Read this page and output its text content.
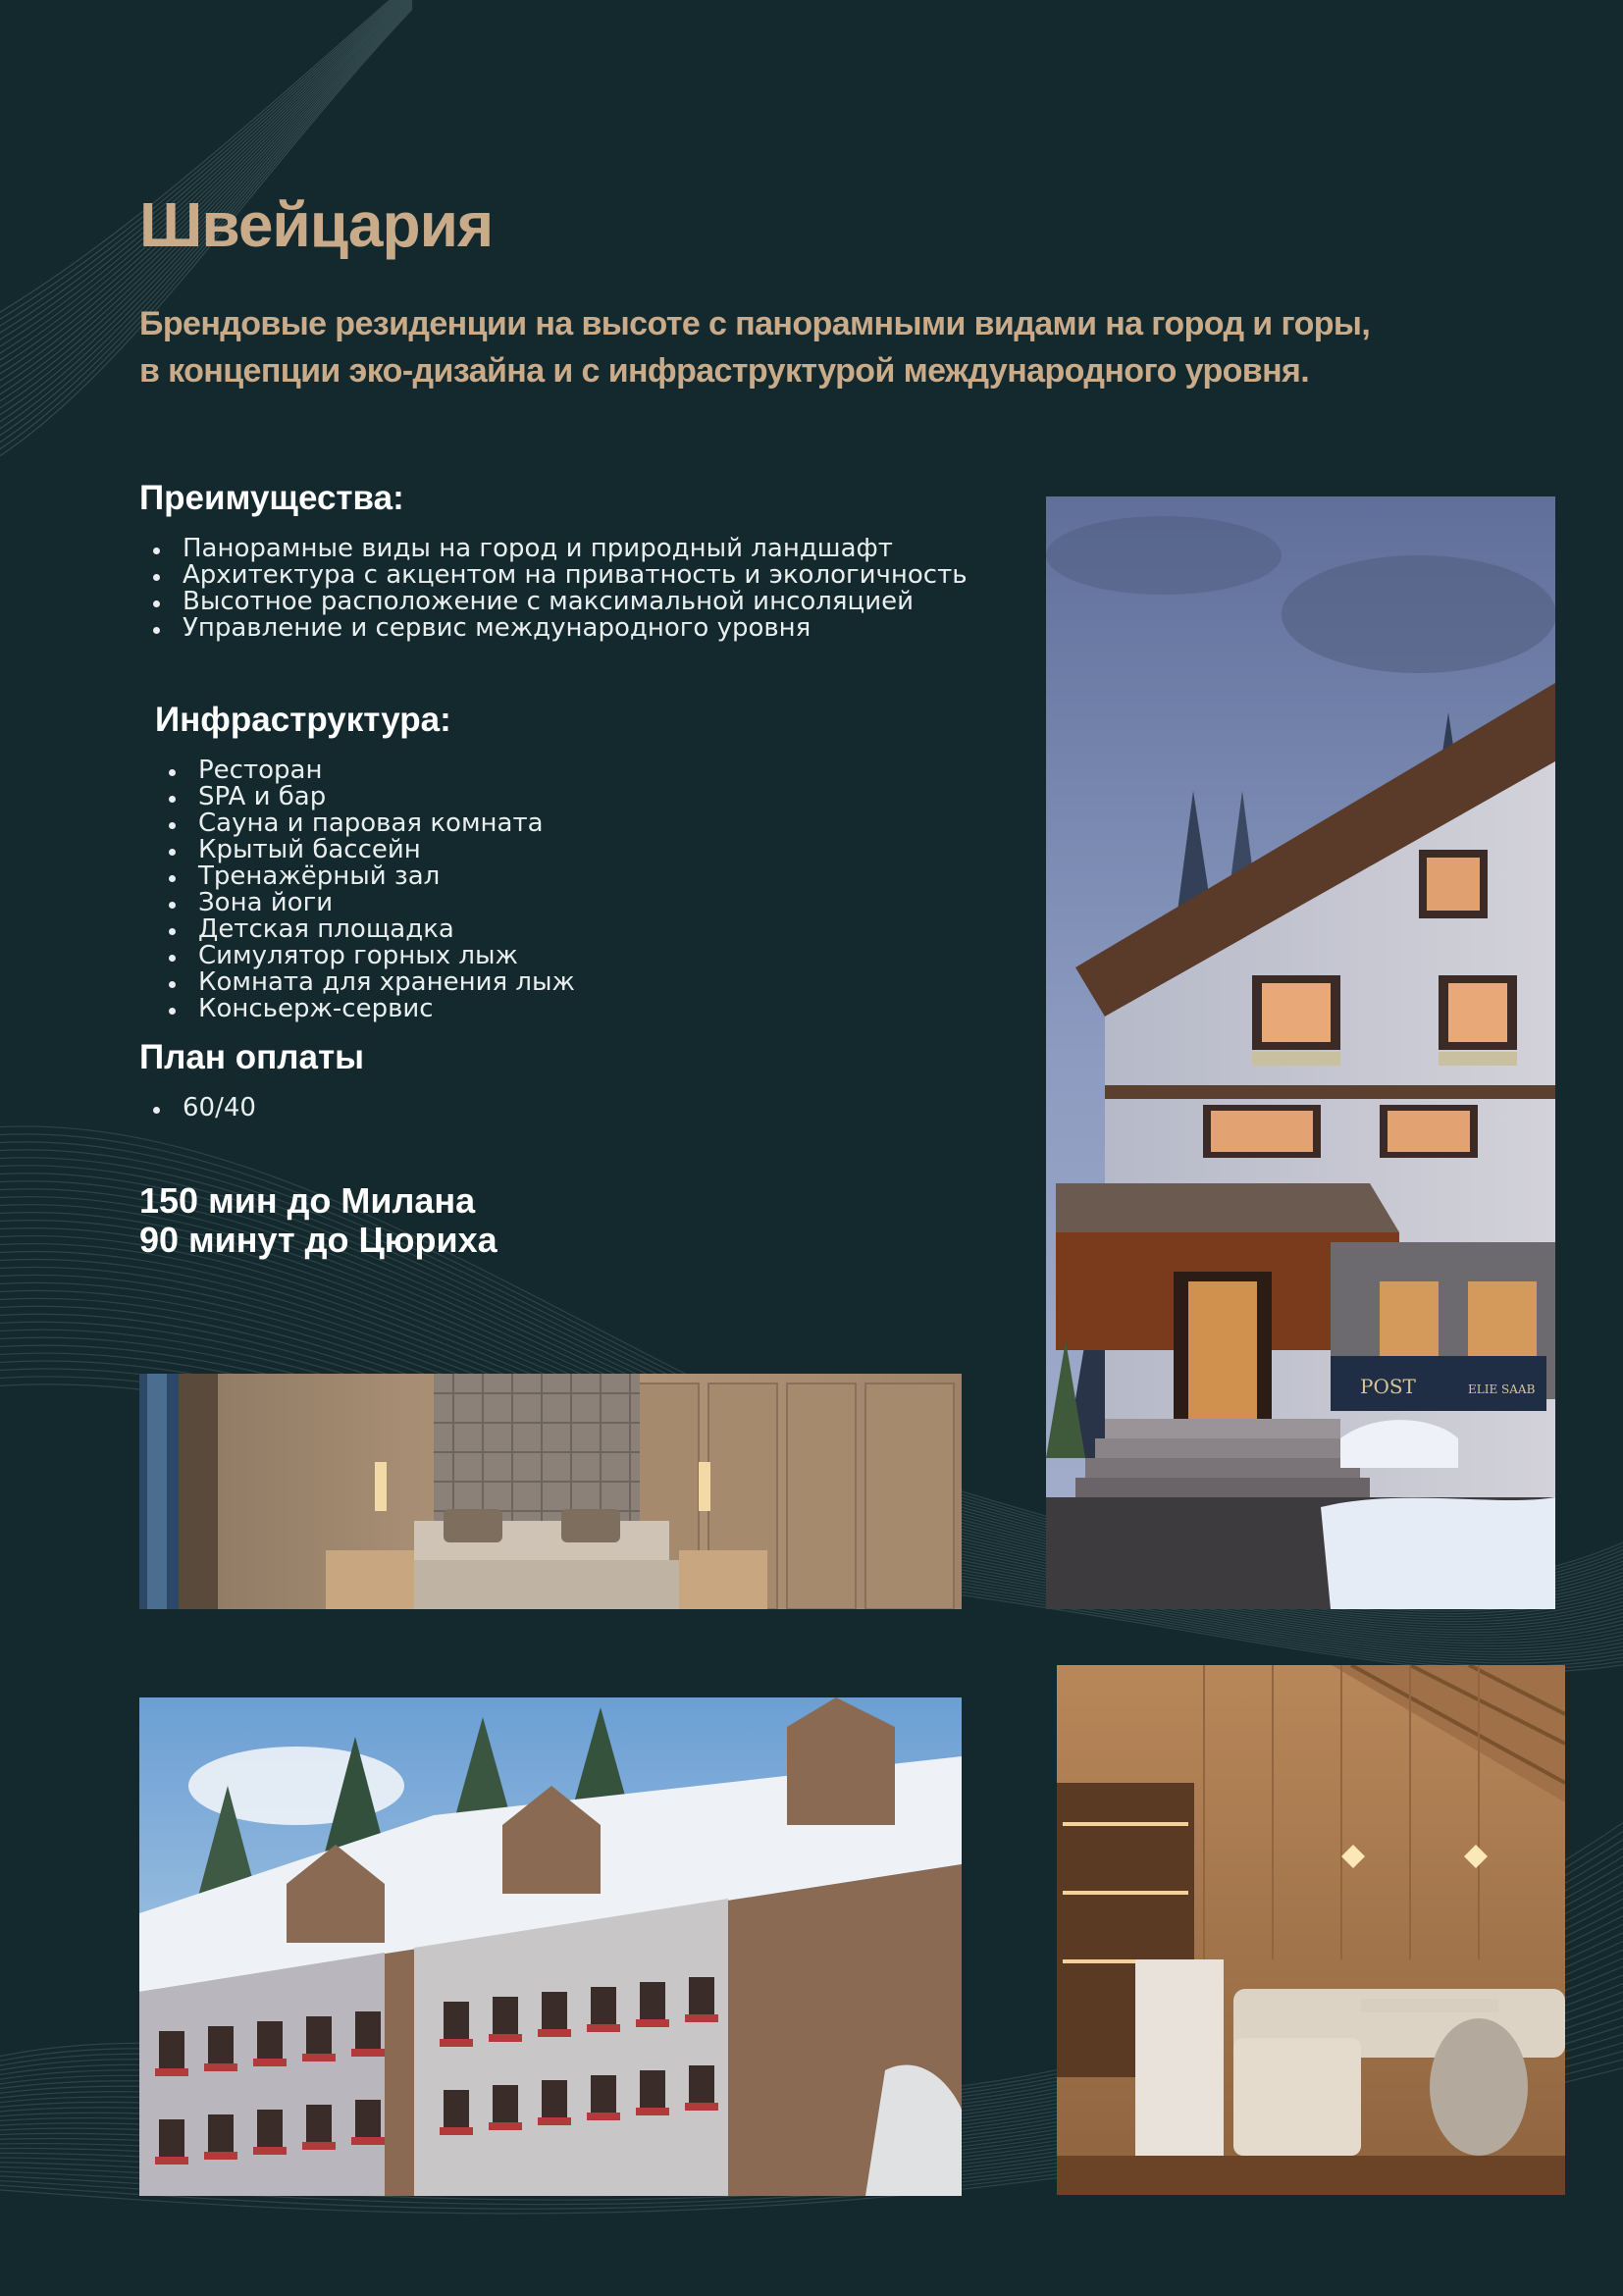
Швейцария

Брендовые резиденции на высоте с панорамными видами на город и горы, в концепции эко-дизайна и с инфраструктурой международного уровня.

Преимущества:
Панорамные виды на город и природный ландшафт
Архитектура с акцентом на приватность и экологичность
Высотное расположение с максимальной инсоляцией
Управление и сервис международного уровня
Инфраструктура:
Ресторан
SPA и бар
Сауна и паровая комната
Крытый бассейн
Тренажёрный зал
Зона йоги
Детская площадка
Симулятор горных лыж
Комната для хранения лыж
Консьерж-сервис
План оплаты
60/40
150 мин до Милана
90 минут до Цюриха
POST	ELIE SAAB
